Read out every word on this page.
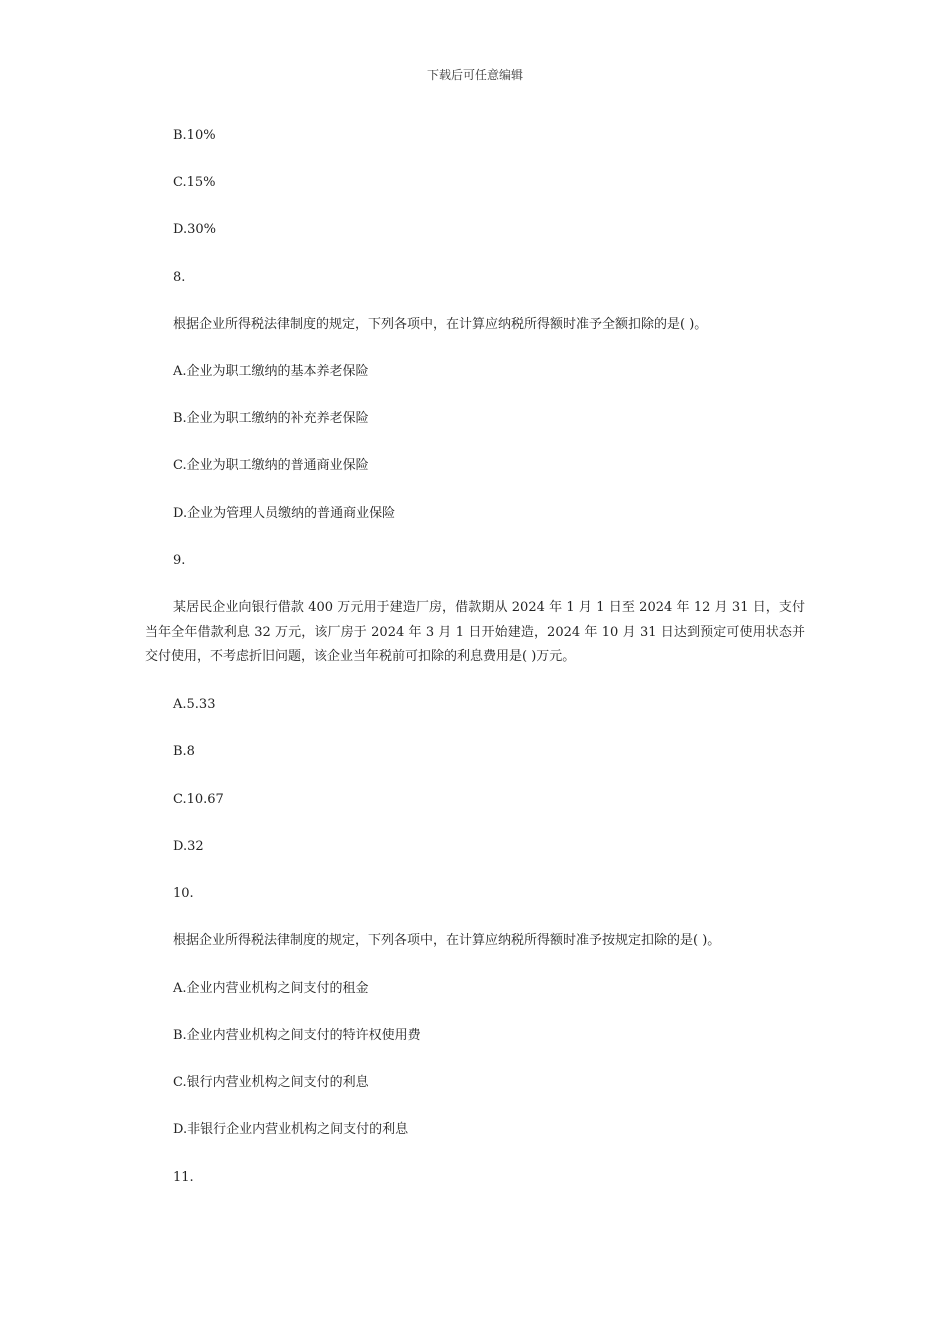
下载后可任意编辑
B.10%
C.15%
D.30%
8.
根据企业所得税法律制度的规定，下列各项中，在计算应纳税所得额时准予全额扣除的是( )。
A.企业为职工缴纳的基本养老保险
B.企业为职工缴纳的补充养老保险
C.企业为职工缴纳的普通商业保险
D.企业为管理人员缴纳的普通商业保险
9.
某居民企业向银行借款 400 万元用于建造厂房，借款期从 2024 年 1 月 1 日至 2024 年 12 月 31 日，支付当年全年借款利息 32 万元，该厂房于 2024 年 3 月 1 日开始建造，2024 年 10 月 31 日达到预定可使用状态并交付使用，不考虑折旧问题，该企业当年税前可扣除的利息费用是( )万元。
A.5.33
B.8
C.10.67
D.32
10.
根据企业所得税法律制度的规定，下列各项中，在计算应纳税所得额时准予按规定扣除的是( )。
A.企业内营业机构之间支付的租金
B.企业内营业机构之间支付的特许权使用费
C.银行内营业机构之间支付的利息
D.非银行企业内营业机构之间支付的利息
11.
